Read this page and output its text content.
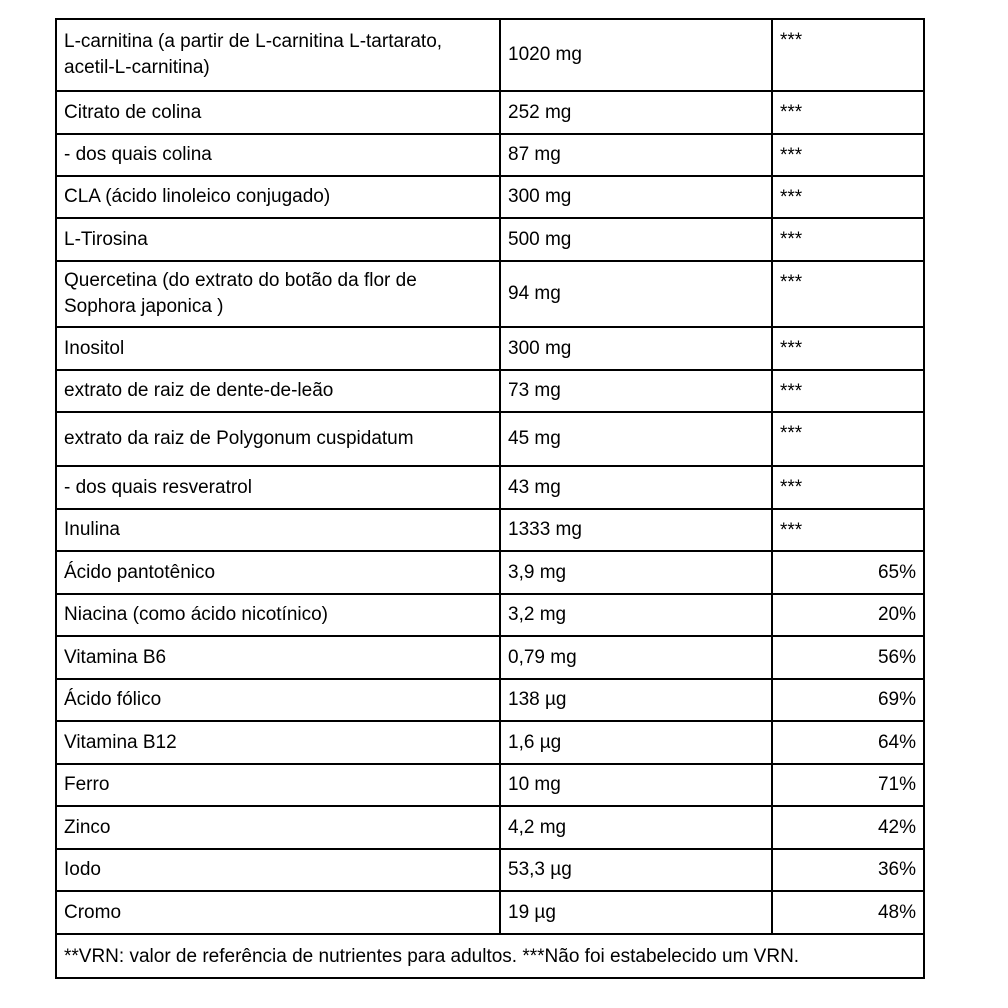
L-carnitina (a partir de L-carnitina L-tartarato, acetil-L-carnitina)	1020 mg	***
Citrato de colina	252 mg	***
- dos quais colina	87 mg	***
CLA (ácido linoleico conjugado)	300 mg	***
L-Tirosina	500 mg	***
Quercetina (do extrato do botão da flor de Sophora japonica )	94 mg	***
Inositol	300 mg	***
extrato de raiz de dente-de-leão	73 mg	***
extrato da raiz de Polygonum cuspidatum	45 mg	***
- dos quais resveratrol	43 mg	***
Inulina	1333 mg	***
Ácido pantotênico	3,9 mg	65%
Niacina (como ácido nicotínico)	3,2 mg	20%
Vitamina B6	0,79 mg	56%
Ácido fólico	138 µg	69%
Vitamina B12	1,6 µg	64%
Ferro	10 mg	71%
Zinco	4,2 mg	42%
Iodo	53,3 µg	36%
Cromo	19 µg	48%
**VRN: valor de referência de nutrientes para adultos. ***Não foi estabelecido um VRN.		
